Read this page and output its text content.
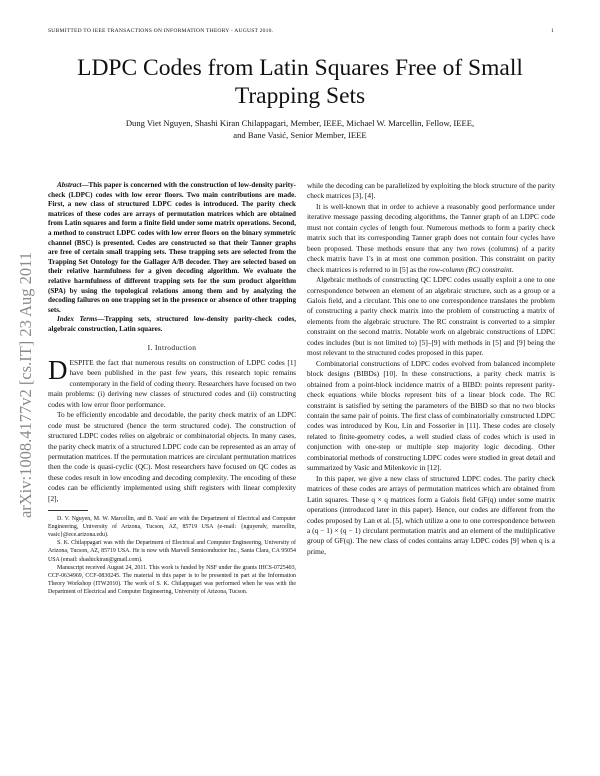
SUBMITTED TO IEEE TRANSACTIONS ON INFORMATION THEORY - AUGUST 2010.	1
arXiv:1008.4177v2 [cs.IT] 23 Aug 2011
LDPC Codes from Latin Squares Free of Small Trapping Sets
Dung Viet Nguyen, Shashi Kiran Chilappagari, Member, IEEE, Michael W. Marcellin, Fellow, IEEE,
and Bane Vasić, Senior Member, IEEE

Abstract—This paper is concerned with the construction of low-density parity-check (LDPC) codes with low error floors. Two main contributions are made. First, a new class of structured LDPC codes is introduced. The parity check matrices of these codes are arrays of permutation matrices which are obtained from Latin squares and form a finite field under some matrix operations. Second, a method to construct LDPC codes with low error floors on the binary symmetric channel (BSC) is presented. Codes are constructed so that their Tanner graphs are free of certain small trapping sets. These trapping sets are selected from the Trapping Set Ontology for the Gallager A/B decoder. They are selected based on their relative harmfulness for a given decoding algorithm. We evaluate the relative harmfulness of different trapping sets for the sum product algorithm (SPA) by using the topological relations among them and by analyzing the decoding failures on one trapping set in the presence or absence of other trapping sets.

Index Terms—Trapping sets, structured low-density parity-check codes, algebraic construction, Latin squares.

I. Introduction

DESPITE the fact that numerous results on construction of LDPC codes [1] have been published in the past few years, this research topic remains contemporary in the field of coding theory. Researchers have focused on two main problems: (i) deriving new classes of structured codes and (ii) constructing codes with low error floor performance.

To be efficiently encodable and decodable, the parity check matrix of an LDPC code must be structured (hence the term structured code). The construction of structured LDPC codes relies on algebraic or combinatorial objects. In many cases, the parity check matrix of a structured LDPC code can be represented as an array of permutation matrices. If the permutation matrices are circulant permutation matrices then the code is quasi-cyclic (QC). Most researchers have focused on QC codes as these codes result in low encoding and decoding complexity. The encoding of these codes can be efficiently implemented using shift registers with linear complexity [2],

D. V. Nguyen, M. W. Marcellin, and B. Vasić are with the Department of Electrical and Computer Engineering, University of Arizona, Tucson, AZ, 85719 USA (e-mail: {nguyendv, marcellin, vasic}@ece.arizona.edu).

S. K. Chilappagari was with the Department of Electrical and Computer Engineering, University of Arizona, Tucson, AZ, 85719 USA. He is now with Marvell Semiconductor Inc., Santa Clara, CA 95054 USA (email: shashickiran@gmail.com).

Manuscript received August 24, 2011. This work is funded by NSF under the grants IHCS-0725403, CCF-0634969, CCF-0830245. The material in this paper is to be presented in part at the Information Theory Workshop (ITW2010). The work of S. K. Chilappagari was performed when he was with the Department of Electrical and Computer Engineering, University of Arizona, Tucson.

while the decoding can be parallelized by exploiting the block structure of the parity check matrices [3], [4].

It is well-known that in order to achieve a reasonably good performance under iterative message passing decoding algorithms, the Tanner graph of an LDPC code must not contain cycles of length four. Numerous methods to form a parity check matrix such that its corresponding Tanner graph does not contain four cycles have been proposed. These methods ensure that any two rows (columns) of a parity check matrix have 1's in at most one common position. This constraint on parity check matrices is referred to in [5] as the row-column (RC) constraint.

Algebraic methods of constructing QC LDPC codes usually exploit a one to one correspondence between an element of an algebraic structure, such as a group or a Galois field, and a circulant. This one to one correspondence translates the problem of constructing a parity check matrix into the problem of constructing a matrix of elements from the algebraic structure. The RC constraint is converted to a simpler constraint on the second matrix. Notable work on algebraic constructions of LDPC codes includes (but is not limited to) [5]–[9] with methods in [5] and [9] being the most relevant to the structured codes proposed in this paper.

Combinatorial constructions of LDPC codes evolved from balanced incomplete block designs (BIBDs) [10]. In these constructions, a parity check matrix is obtained from a point-block incidence matrix of a BIBD: points represent parity-check equations while blocks represent bits of a linear block code. The RC constraint is satisfied by setting the parameters of the BIBD so that no two blocks contain the same pair of points. The first class of combinatorially constructed LDPC codes was introduced by Kou, Lin and Fossorier in [11]. These codes are closely related to finite-geometry codes, a well studied class of codes which is used in conjunction with one-step or multiple step majority logic decoding. Other combinatorial methods of constructing LDPC codes were studied in great detail and summarized by Vasic and Milenkovic in [12].

In this paper, we give a new class of structured LDPC codes. The parity check matrices of these codes are arrays of permutation matrices which are obtained from Latin squares. These q × q matrices form a Galois field GF(q) under some matrix operations (introduced later in this paper). Hence, our codes are different from the codes proposed by Lan et al. [5], which utilize a one to one correspondence between a (q − 1) × (q − 1) circulant permutation matrix and an element of the multiplicative group of GF(q). The new class of codes contains array LDPC codes [9] when q is a prime,
